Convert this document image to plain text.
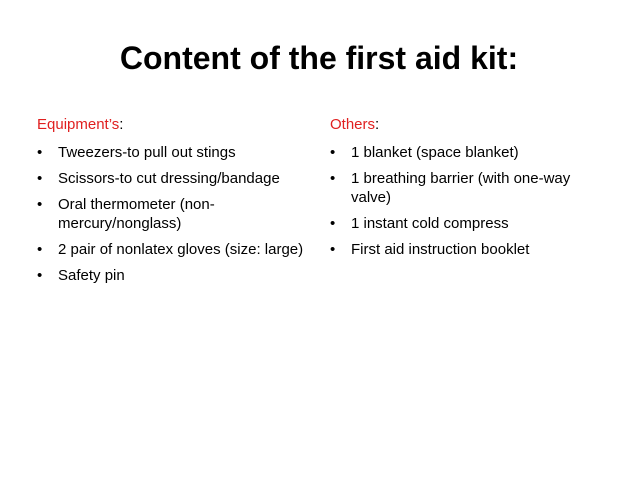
Content of the first aid kit:
Equipment’s:
•	Tweezers-to pull out stings
•	Scissors-to cut dressing/bandage
•	Oral thermometer (non-mercury/nonglass)
•	2 pair of nonlatex gloves (size: large)
•	Safety pin
Others:
•	1 blanket (space blanket)
•	1 breathing barrier (with one-way valve)
•	1 instant cold compress
•	First aid instruction booklet
